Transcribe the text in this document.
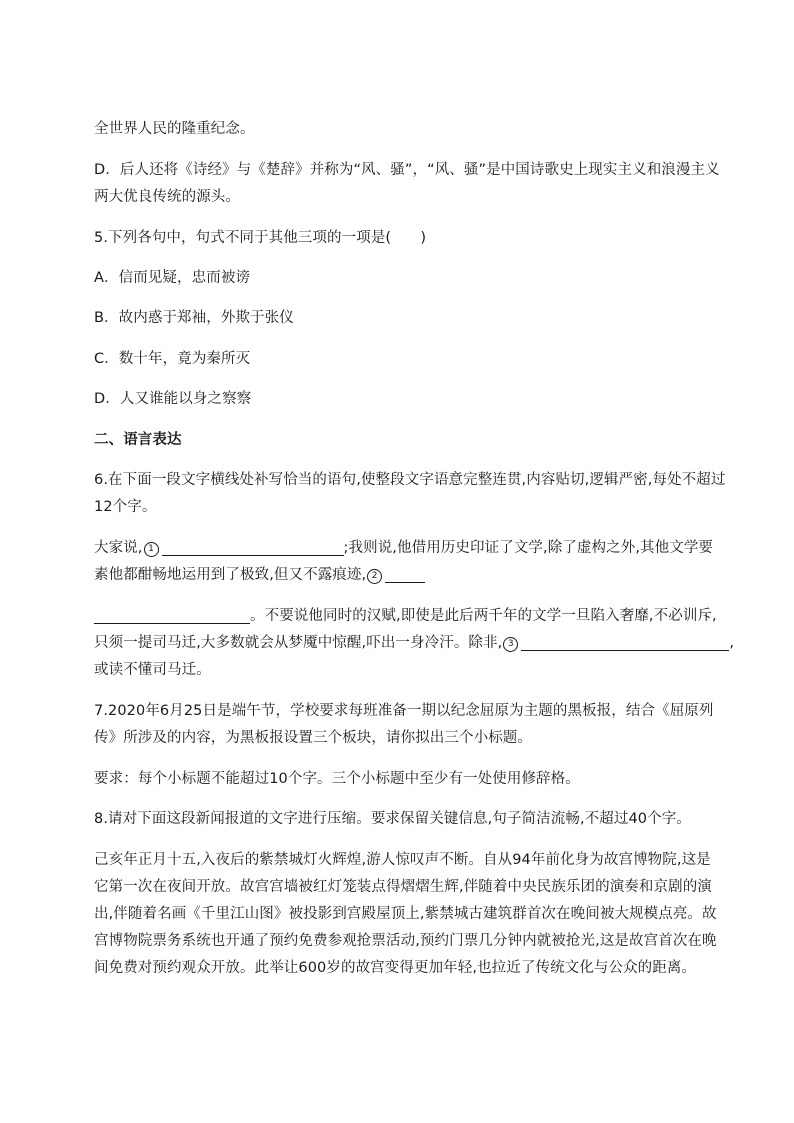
全世界人民的隆重纪念。
D．后人还将《诗经》与《楚辞》并称为“风、骚”，“风、骚”是中国诗歌史上现实主义和浪漫主义
两大优良传统的源头。
5.下列各句中，句式不同于其他三项的一项是(　　)
A．信而见疑，忠而被谤
B．故内惑于郑袖，外欺于张仪
C．数十年，竟为秦所灭
D．人又谁能以身之察察
二、语言表达
6.在下面一段文字横线处补写恰当的语句,使整段文字语意完整连贯,内容贴切,逻辑严密,每处不超过
12个字。
大家说, 1	;我则说,他借用历史印证了文学,除了虚构之外,其他文学要
素他都酣畅地运用到了极致,但又不露痕迹, 2
。不要说他同时的汉赋,即使是此后两千年的文学一旦陷入奢靡,不必训斥,
只须一提司马迁,大多数就会从梦魇中惊醒,吓出一身冷汗。除非, 3	,
或读不懂司马迁。
7.2020年6月25日是端午节，学校要求每班准备一期以纪念屈原为主题的黑板报，结合《屈原列
传》所涉及的内容，为黑板报设置三个板块，请你拟出三个小标题。
要求：每个小标题不能超过10个字。三个小标题中至少有一处使用修辞格。
8.请对下面这段新闻报道的文字进行压缩。要求保留关键信息,句子简洁流畅,不超过40个字。
己亥年正月十五,入夜后的紫禁城灯火辉煌,游人惊叹声不断。自从94年前化身为故宫博物院,这是
它第一次在夜间开放。故宫宫墙被红灯笼装点得熠熠生辉,伴随着中央民族乐团的演奏和京剧的演
出,伴随着名画《千里江山图》被投影到宫殿屋顶上,紫禁城古建筑群首次在晚间被大规模点亮。故
宫博物院票务系统也开通了预约免费参观抢票活动,预约门票几分钟内就被抢光,这是故宫首次在晚
间免费对预约观众开放。此举让600岁的故宫变得更加年轻,也拉近了传统文化与公众的距离。
